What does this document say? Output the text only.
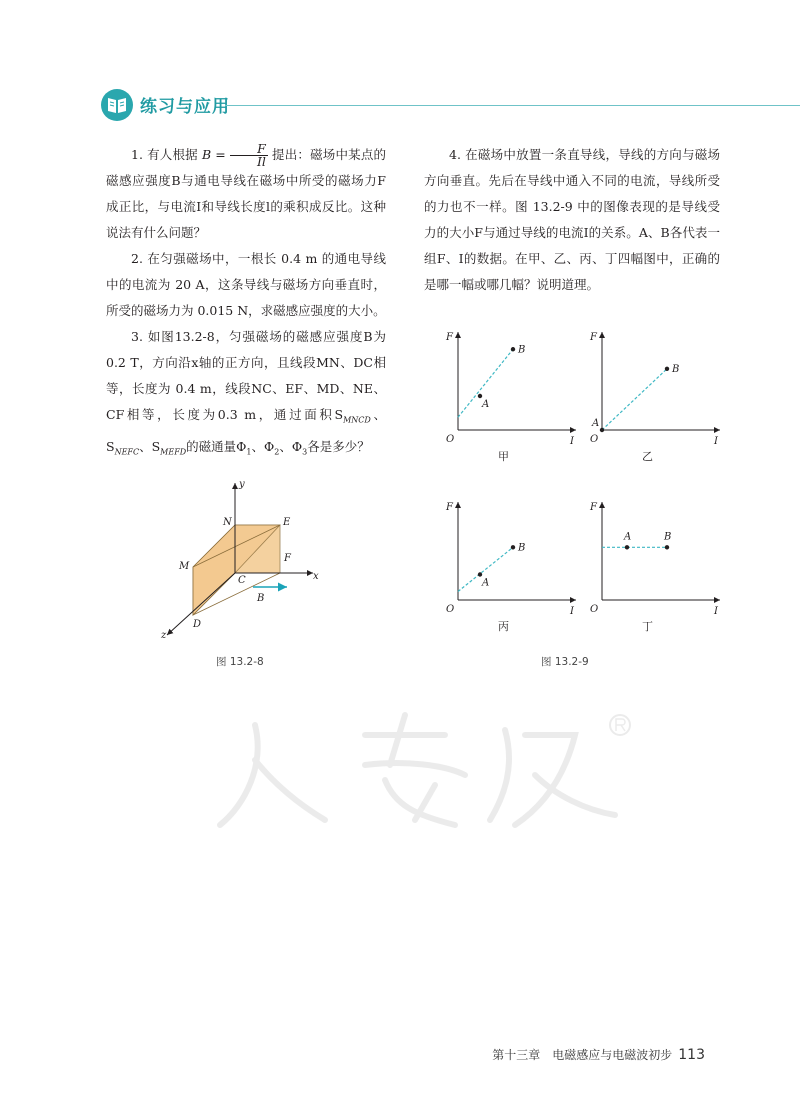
练习与应用

1. 有人根据 $B = \frac{F}{Il}$ 提出：磁场中某点的磁感应强度B与通电导线在磁场中所受的磁场力F成正比，与电流I和导线长度l的乘积成反比。这种说法有什么问题？

2. 在匀强磁场中，一根长 0.4 m 的通电导线中的电流为 20 A，这条导线与磁场方向垂直时，所受的磁场力为 0.015 N，求磁感应强度的大小。

3. 如图13.2-8，匀强磁场的磁感应强度B为0.2 T，方向沿x轴的正方向，且线段MN、DC相等，长度为 0.4 m，线段NC、EF、MD、NE、CF相等，长度为0.3 m，通过面积$S_{MNCD}$、$S_{NEFC}$、$S_{MEFD}$的磁通量$\Phi_1$、$\Phi_2$、$\Phi_3$各是多少？

4. 在磁场中放置一条直导线，导线的方向与磁场方向垂直。先后在导线中通入不同的电流，导线所受的力也不一样。图 13.2-9 中的图像表现的是导线受力的大小F与通过导线的电流I的关系。A、B各代表一组F、I的数据。在甲、乙、丙、丁四幅图中，正确的是哪一幅或哪几幅？说明道理。

y
x
z
N	E
M
F
C
D
B
图 13.2-8
F
I
O
A
B
甲
F
I
O
A
B
乙
F
I
O
A
B
丙
F
I
O
A	B
丁
图 13.2-9
第十三章　电磁感应与电磁波初步 113
